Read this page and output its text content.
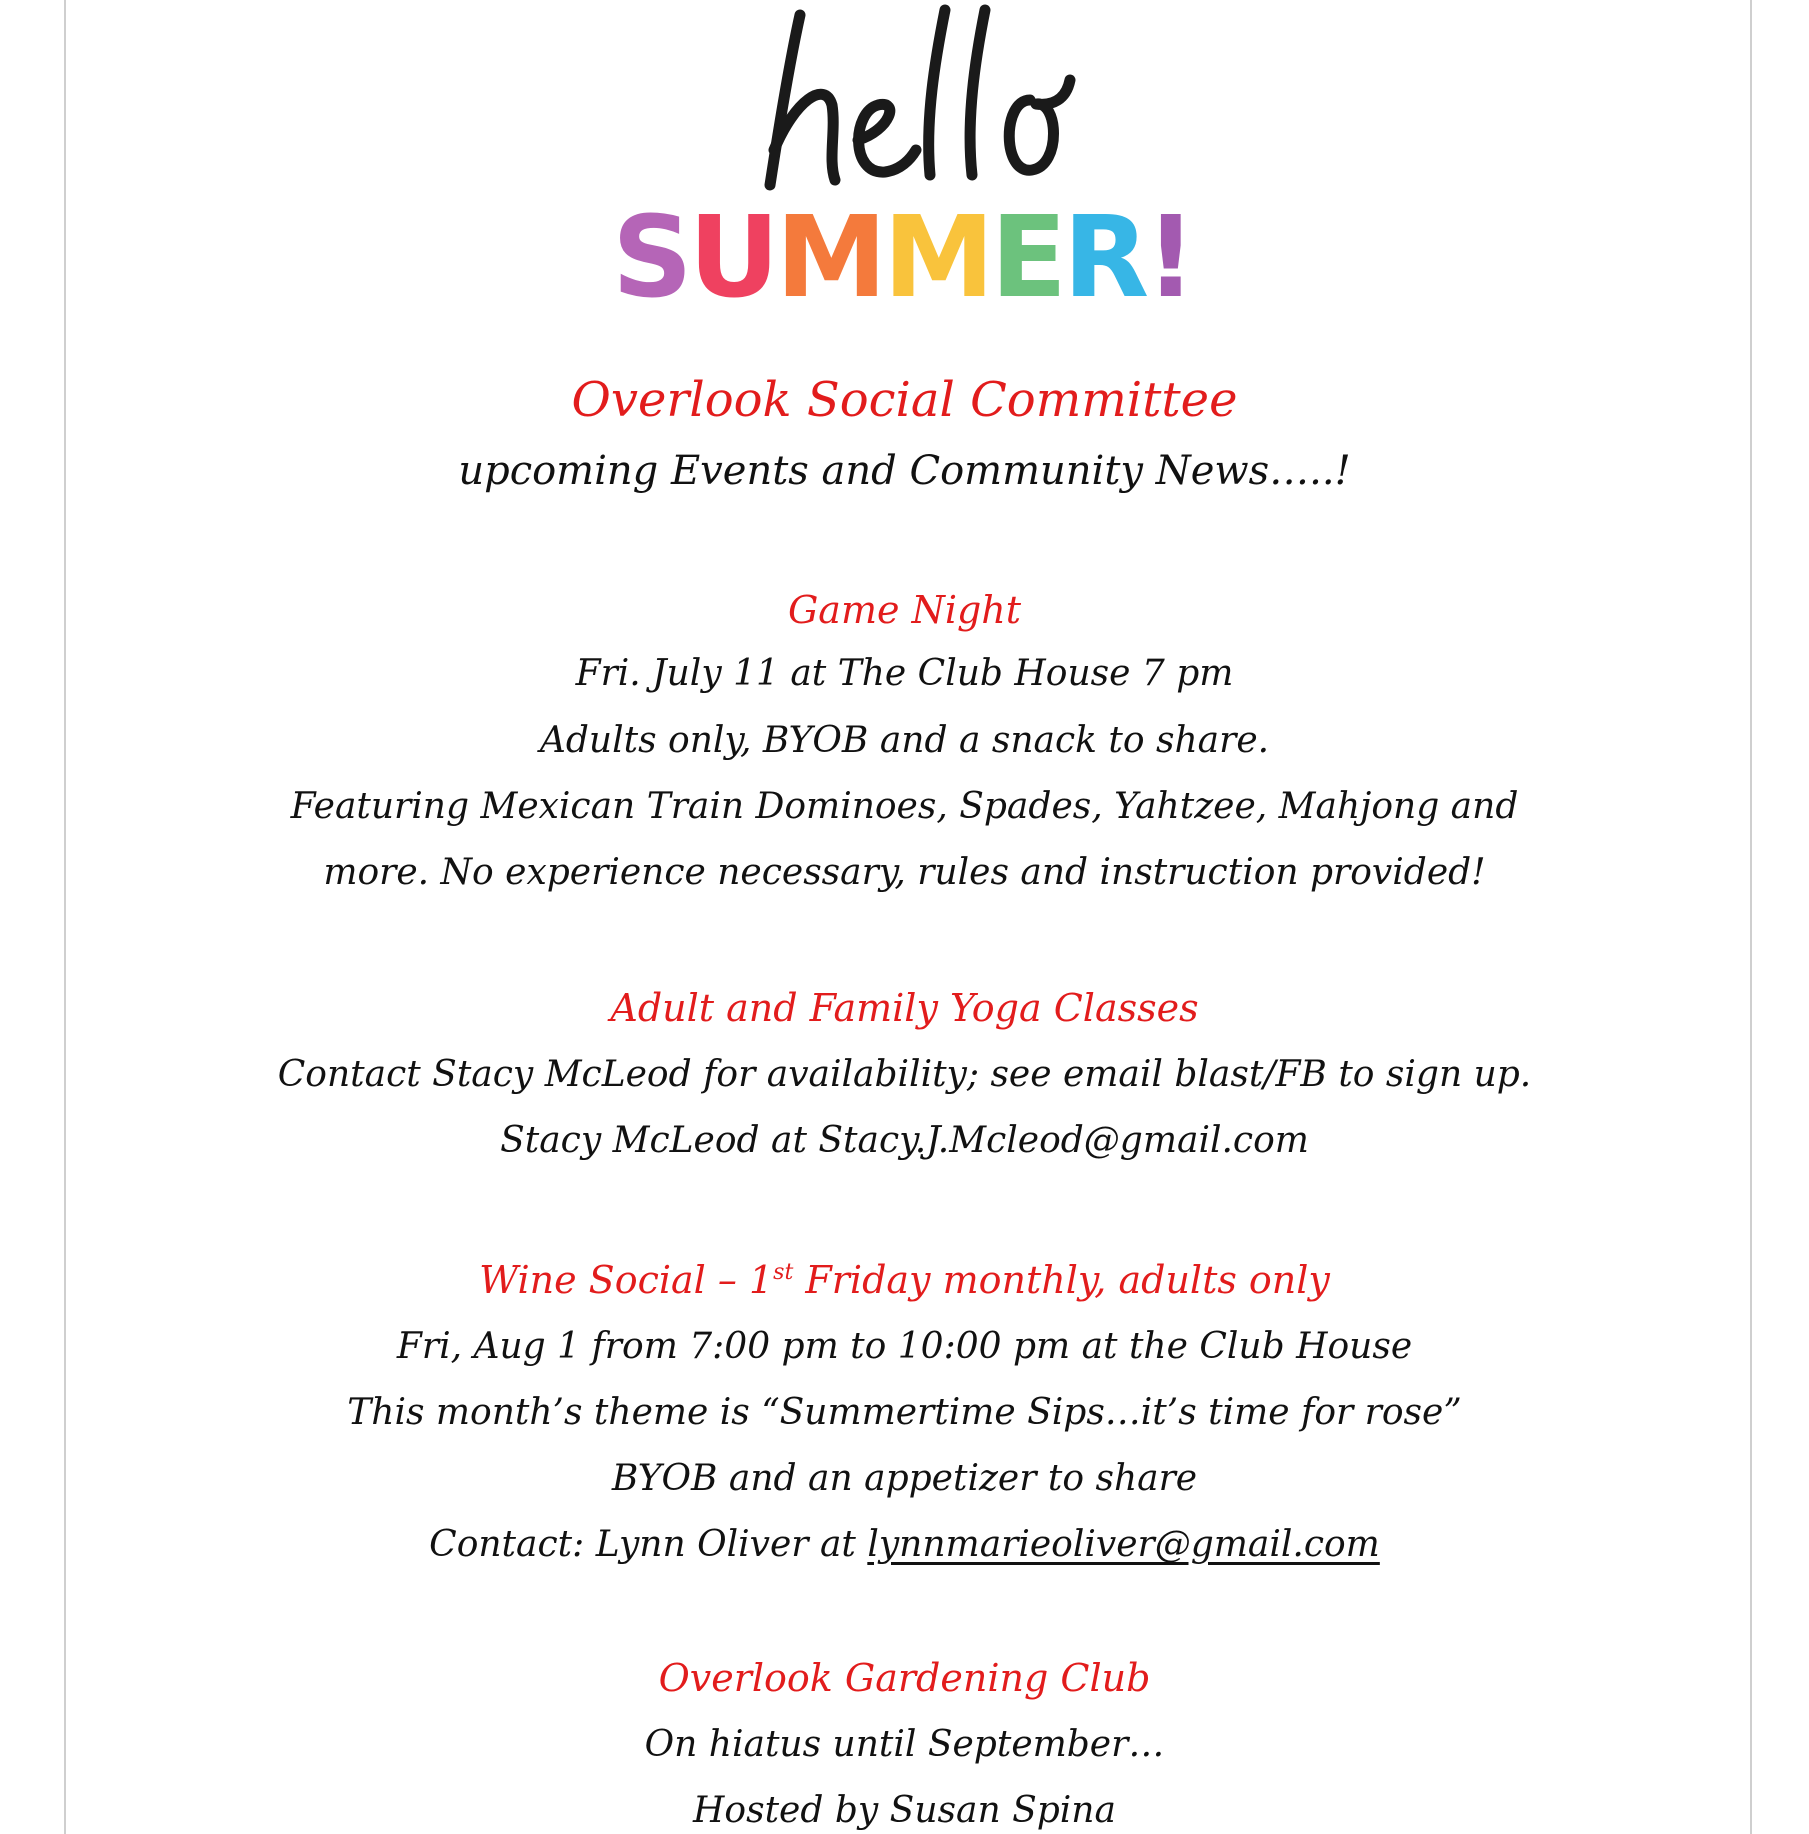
SUMMER!
Overlook Social Committee
upcoming Events and Community News…..!
Game Night
Fri. July 11 at The Club House 7 pm
Adults only, BYOB and a snack to share.
Featuring Mexican Train Dominoes, Spades, Yahtzee, Mahjong and
more. No experience necessary, rules and instruction provided!
Adult and Family Yoga Classes
Contact Stacy McLeod for availability; see email blast/FB to sign up.
Stacy McLeod at Stacy.J.Mcleod@gmail.com
Wine Social – 1st Friday monthly, adults only
Fri, Aug 1 from 7:00 pm to 10:00 pm at the Club House
This month’s theme is “Summertime Sips…it’s time for rose”
BYOB and an appetizer to share
Contact: Lynn Oliver at lynnmarieoliver@gmail.com
Overlook Gardening Club
On hiatus until September…
Hosted by Susan Spina
